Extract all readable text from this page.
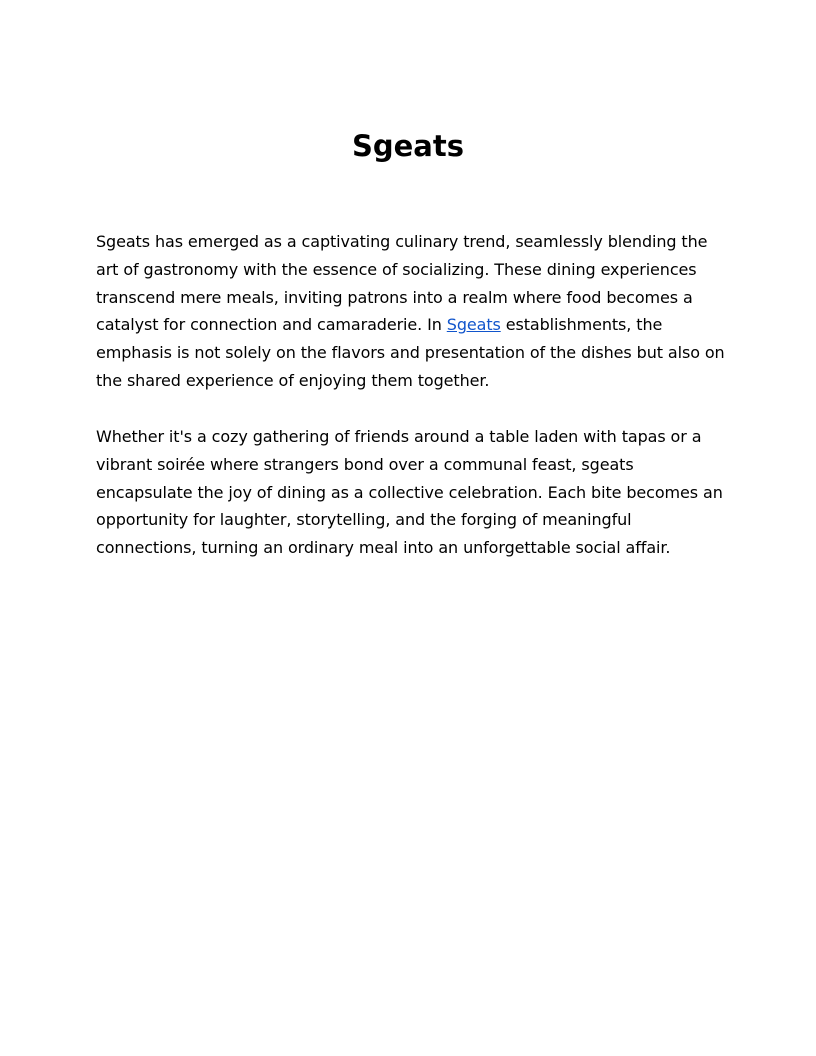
Sgeats

Sgeats has emerged as a captivating culinary trend, seamlessly blending the art of gastronomy with the essence of socializing. These dining experiences transcend mere meals, inviting patrons into a realm where food becomes a catalyst for connection and camaraderie. In Sgeats establishments, the emphasis is not solely on the flavors and presentation of the dishes but also on the shared experience of enjoying them together.

Whether it's a cozy gathering of friends around a table laden with tapas or a vibrant soirée where strangers bond over a communal feast, sgeats encapsulate the joy of dining as a collective celebration. Each bite becomes an opportunity for laughter, storytelling, and the forging of meaningful connections, turning an ordinary meal into an unforgettable social affair.
